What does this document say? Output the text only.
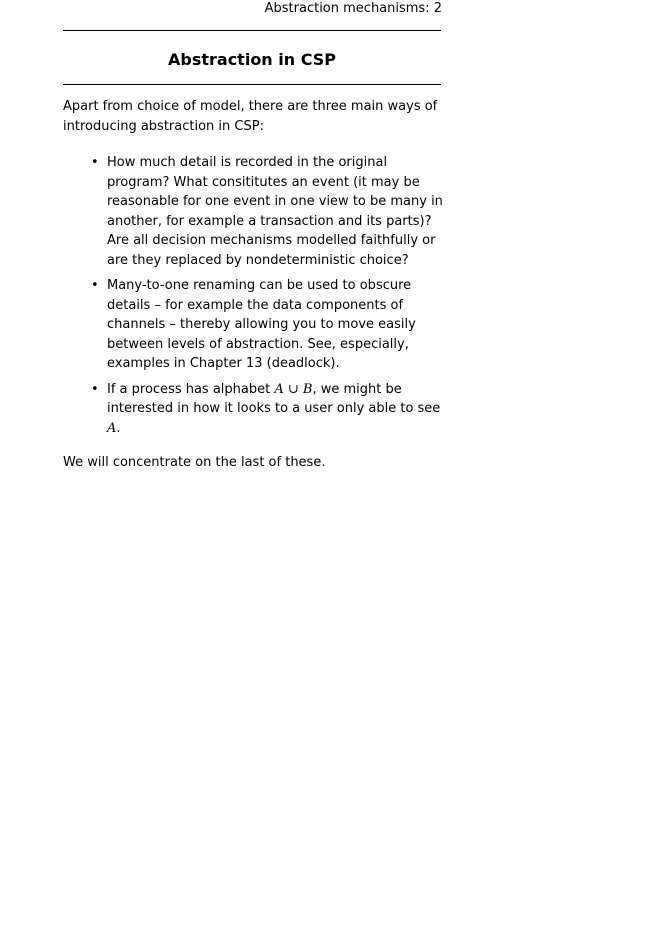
Abstraction mechanisms: 2
Abstraction in CSP

Apart from choice of model, there are three main ways of introducing abstraction in CSP:

• How much detail is recorded in the original program? What consititutes an event (it may be reasonable for one event in one view to be many in another, for example a transaction and its parts)? Are all decision mechanisms modelled faithfully or are they replaced by nondeterministic choice?
• Many-to-one renaming can be used to obscure details – for example the data components of channels – thereby allowing you to move easily between levels of abstraction. See, especially, examples in Chapter 13 (deadlock).
• If a process has alphabet A ∪ B, we might be interested in how it looks to a user only able to see A.

We will concentrate on the last of these.
